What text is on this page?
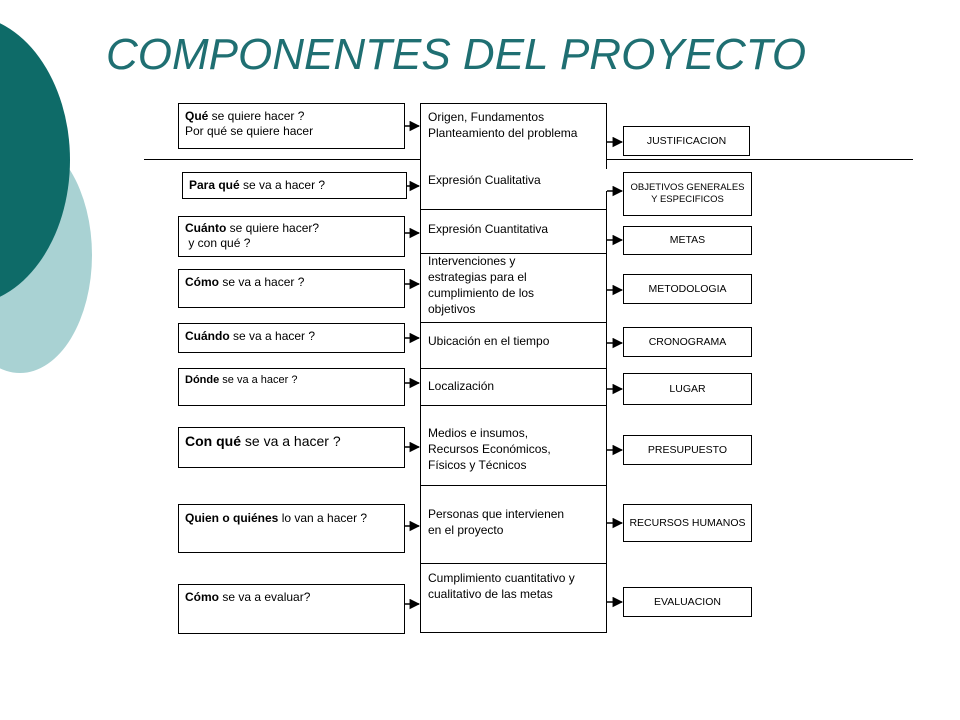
COMPONENTES DEL PROYECTO
Qué se quiere hacer ?
Por qué se quiere hacer
Para qué se va a hacer ?
Cuánto se quiere hacer?
y con qué ?
Cómo se va a hacer ?
Cuándo se va a hacer ?
Dónde se va a hacer ?
Con qué se va a hacer ?
Quien o quiénes lo van a hacer ?
Cómo se va a evaluar?
Origen, Fundamentos
Planteamiento del problema
Expresión Cualitativa
Expresión Cuantitativa
Intervenciones y
estrategias para el
cumplimiento de los
objetivos
Ubicación en el tiempo
Localización
Medios e insumos,
Recursos Económicos,
Físicos y Técnicos
Personas que intervienen
en el proyecto
Cumplimiento cuantitativo y
cualitativo de las metas
JUSTIFICACION
OBJETIVOS GENERALES Y ESPECIFICOS
METAS
METODOLOGIA
CRONOGRAMA
LUGAR
PRESUPUESTO
RECURSOS HUMANOS
EVALUACION
